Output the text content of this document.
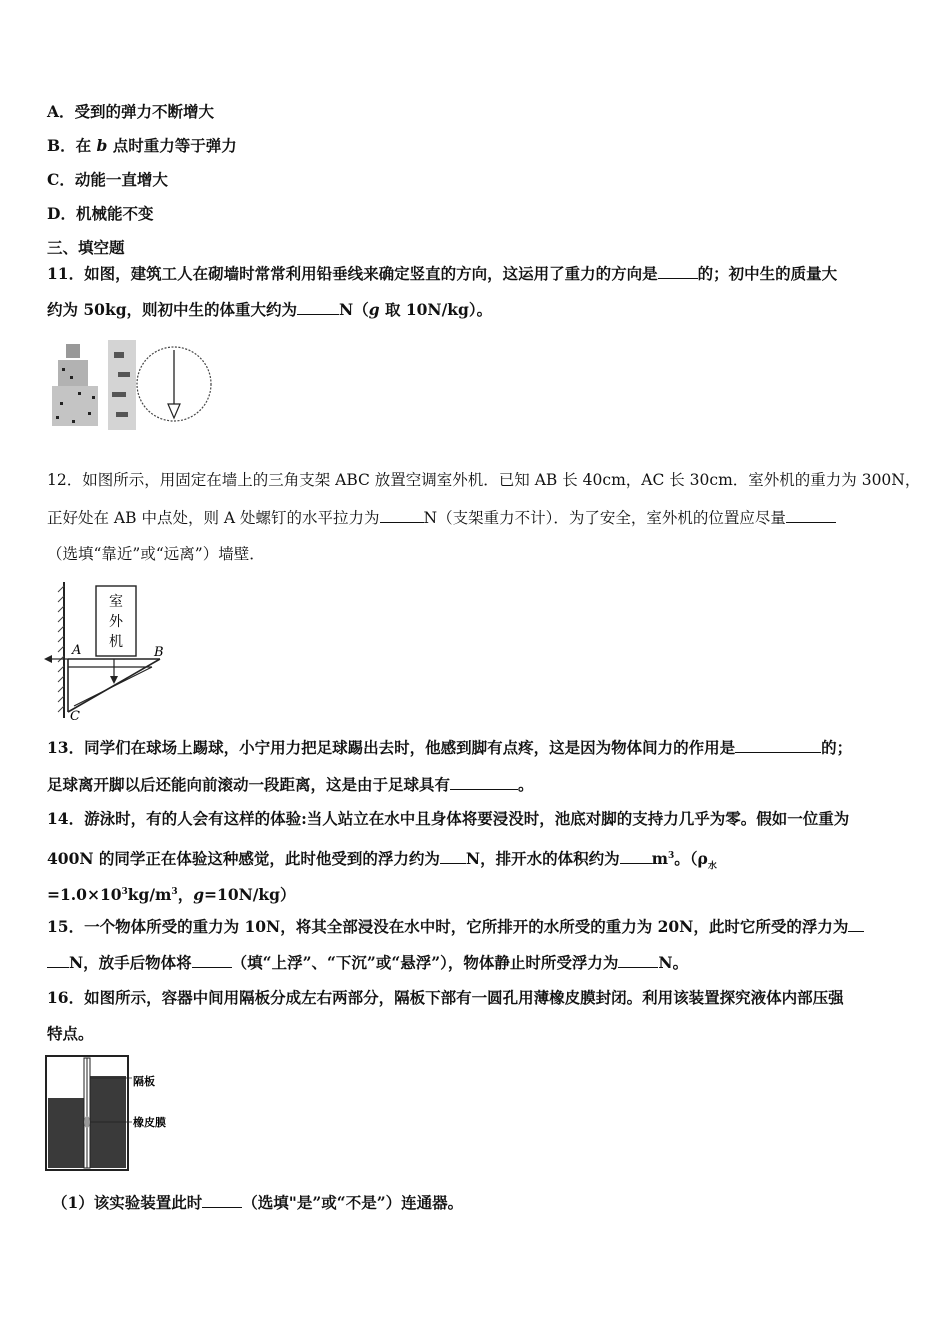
A．受到的弹力不断增大
B．在 b 点时重力等于弹力
C．动能一直增大
D．机械能不变
三、填空题
11．如图，建筑工人在砌墙时常常利用铅垂线来确定竖直的方向，这运用了重力的方向是	的；初中生的质量大
约为 50kg，则初中生的体重大约为	N（g 取 10N/kg）。
12．如图所示，用固定在墙上的三角支架 ABC 放置空调室外机．已知 AB 长 40cm，AC 长 30cm．室外机的重力为 300N，
正好处在 AB 中点处，则 A 处螺钉的水平拉力为	N（支架重力不计）．为了安全，室外机的位置应尽量
（选填“靠近”或“远离”）墙壁．
室
外
机
A	B
C
13．同学们在球场上踢球，小宁用力把足球踢出去时，他感到脚有点疼，这是因为物体间力的作用是	的；
足球离开脚以后还能向前滚动一段距离，这是由于足球具有	。
14．游泳时，有的人会有这样的体验:当人站立在水中且身体将要浸没时，池底对脚的支持力几乎为零。假如一位重为
400N 的同学正在体验这种感觉，此时他受到的浮力约为 N，排开水的体积约为 $m^3$。（$\rho_水$
$=1.0\times 10^3kg/m^3$，g=10N/kg）
15．一个物体所受的重力为 10N，将其全部浸没在水中时，它所排开的水所受的重力为 20N，此时它所受的浮力为
N，放手后物体将	（填“上浮”、“下沉”或“悬浮”），物体静止时所受浮力为	N。
16．如图所示，容器中间用隔板分成左右两部分，隔板下部有一圆孔用薄橡皮膜封闭。利用该装置探究液体内部压强
特点。
隔板
橡皮膜
（1）该实验装置此时	（选填"是”或“不是”）连通器。
